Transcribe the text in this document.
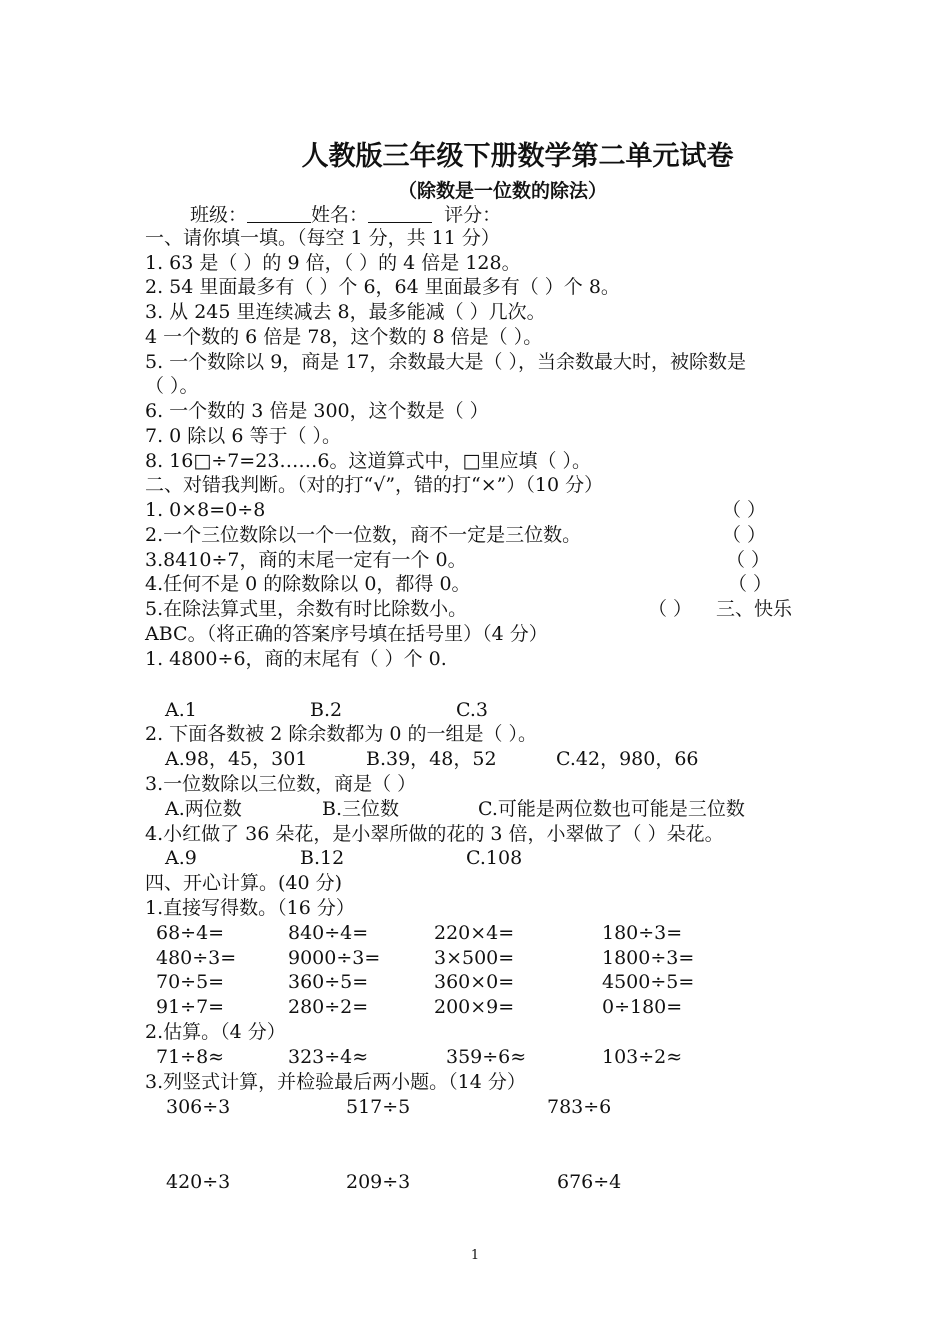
人教版三年级下册数学第二单元试卷
（除数是一位数的除法）
班级：	姓名：	评分：
一、请你填一填。（每空 1 分，共 11 分）
1. 63 是（ ）的 9 倍，（ ）的 4 倍是 128。
2. 54 里面最多有（ ）个 6，64 里面最多有（ ）个 8。
3. 从 245 里连续减去 8，最多能减（ ）几次。
4 一个数的 6 倍是 78，这个数的 8 倍是（ ）。
5. 一个数除以 9，商是 17，余数最大是（ ），当余数最大时，被除数是
（ ）。
6. 一个数的 3 倍是 300，这个数是（ ）
7. 0 除以 6 等于（ ）。
8. 16□÷7=23……6。这道算式中，□里应填（ ）。
二、对错我判断。（对的打“√”，错的打“×”）（10 分）
1. 0×8=0÷8	（ ）
2.一个三位数除以一个一位数，商不一定是三位数。	（ ）
3.8410÷7，商的末尾一定有一个 0。	（ ）
4.任何不是 0 的除数除以 0，都得 0。	（ ）
5.在除法算式里，余数有时比除数小。	（ ） 三、快乐
ABC。（将正确的答案序号填在括号里）（4 分）
1. 4800÷6，商的末尾有（ ）个 0.
A.1	B.2	C.3
2. 下面各数被 2 除余数都为 0 的一组是（ ）。
A.98，45，301	B.39，48，52	C.42，980，66
3.一位数除以三位数，商是（ ）
A.两位数	B.三位数	C.可能是两位数也可能是三位数
4.小红做了 36 朵花，是小翠所做的花的 3 倍，小翠做了（ ）朵花。
A.9	B.12	C.108
四、开心计算。(40 分)
1.直接写得数。（16 分）
68÷4=	840÷4=	220×4=	180÷3=
480÷3=	9000÷3=	3×500=	1800÷3=
70÷5=	360÷5=	360×0=	4500÷5=
91÷7=	280÷2=	200×9=	0÷180=
2.估算。（4 分）
71÷8≈	323÷4≈	359÷6≈	103÷2≈
3.列竖式计算，并检验最后两小题。（14 分）
306÷3	517÷5	783÷6
420÷3	209÷3	676÷4
1
